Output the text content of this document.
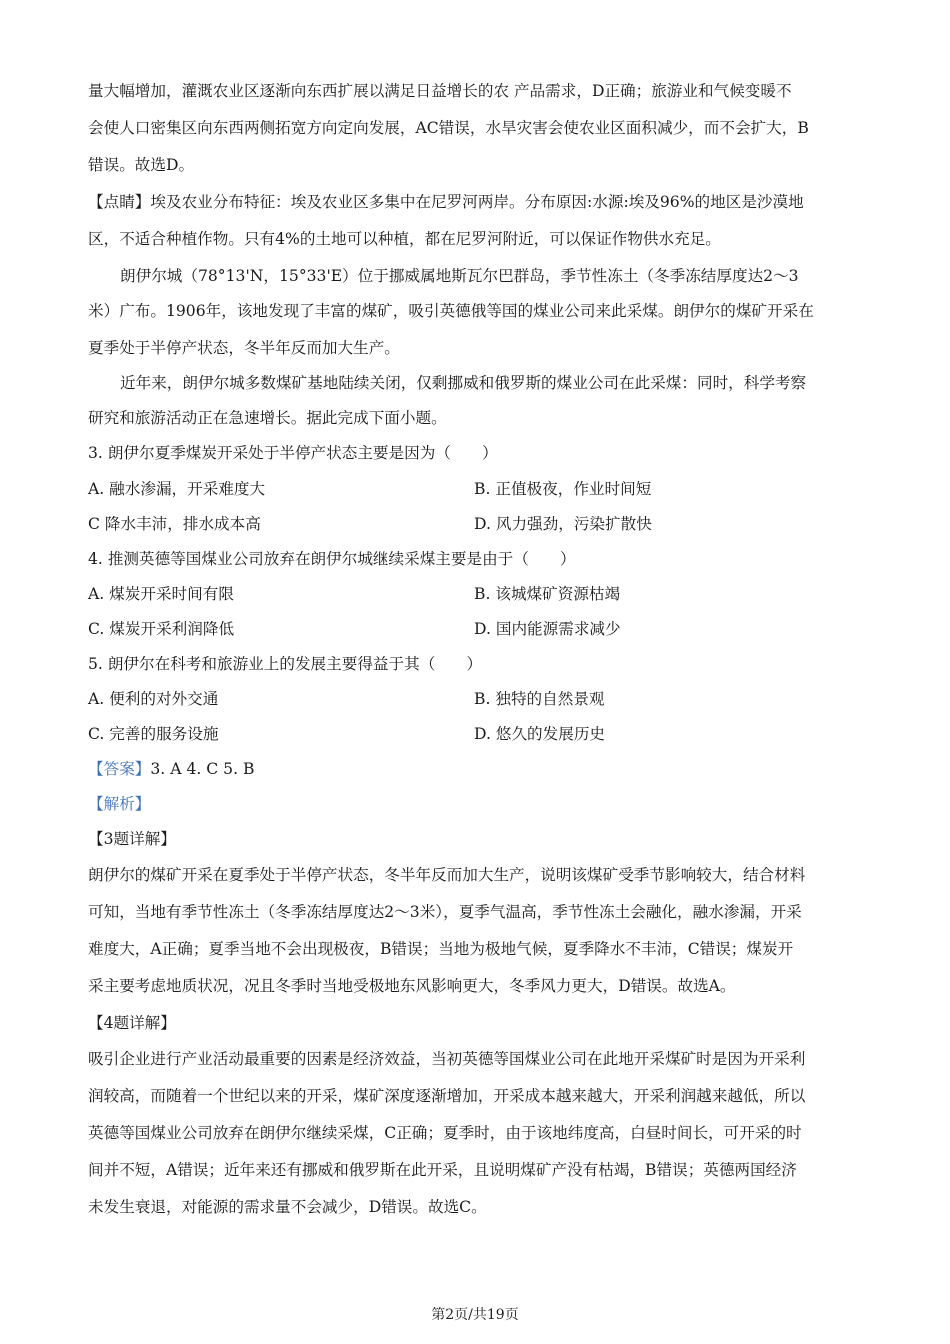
量大幅增加，灌溉农业区逐渐向东西扩展以满足日益增长的农 产品需求，D正确；旅游业和气候变暖不
会使人口密集区向东西两侧拓宽方向定向发展，AC错误，水旱灾害会使农业区面积减少，而不会扩大，B
错误。故选D。
【点睛】埃及农业分布特征：埃及农业区多集中在尼罗河两岸。分布原因:水源:埃及96%的地区是沙漠地
区，不适合种植作物。只有4%的土地可以种植，都在尼罗河附近，可以保证作物供水充足。
朗伊尔城（78°13'N，15°33'E）位于挪威属地斯瓦尔巴群岛，季节性冻土（冬季冻结厚度达2～3
米）广布。1906年，该地发现了丰富的煤矿，吸引英德俄等国的煤业公司来此采煤。朗伊尔的煤矿开采在
夏季处于半停产状态，冬半年反而加大生产。
近年来，朗伊尔城多数煤矿基地陆续关闭，仅剩挪威和俄罗斯的煤业公司在此采煤：同时，科学考察
研究和旅游活动正在急速增长。据此完成下面小题。
3. 朗伊尔夏季煤炭开采处于半停产状态主要是因为（　　）
A. 融水渗漏，开采难度大	B. 正值极夜，作业时间短
C 降水丰沛，排水成本高	D. 风力强劲，污染扩散快
4. 推测英德等国煤业公司放弃在朗伊尔城继续采煤主要是由于（　　）
A. 煤炭开采时间有限	B. 该城煤矿资源枯竭
C. 煤炭开采利润降低	D. 国内能源需求减少
5. 朗伊尔在科考和旅游业上的发展主要得益于其（　　）
A. 便利的对外交通	B. 独特的自然景观
C. 完善的服务设施	D. 悠久的发展历史
【答案】3. A 4. C 5. B
【解析】
【3题详解】
朗伊尔的煤矿开采在夏季处于半停产状态，冬半年反而加大生产，说明该煤矿受季节影响较大，结合材料
可知，当地有季节性冻土（冬季冻结厚度达2～3米），夏季气温高，季节性冻土会融化，融水渗漏，开采
难度大，A正确；夏季当地不会出现极夜，B错误；当地为极地气候，夏季降水不丰沛，C错误；煤炭开
采主要考虑地质状况，况且冬季时当地受极地东风影响更大，冬季风力更大，D错误。故选A。
【4题详解】
吸引企业进行产业活动最重要的因素是经济效益，当初英德等国煤业公司在此地开采煤矿时是因为开采利
润较高，而随着一个世纪以来的开采，煤矿深度逐渐增加，开采成本越来越大，开采利润越来越低，所以
英德等国煤业公司放弃在朗伊尔继续采煤，C正确；夏季时，由于该地纬度高，白昼时间长，可开采的时
间并不短，A错误；近年来还有挪威和俄罗斯在此开采，且说明煤矿产没有枯竭，B错误；英德两国经济
未发生衰退，对能源的需求量不会减少，D错误。故选C。
第2页/共19页
